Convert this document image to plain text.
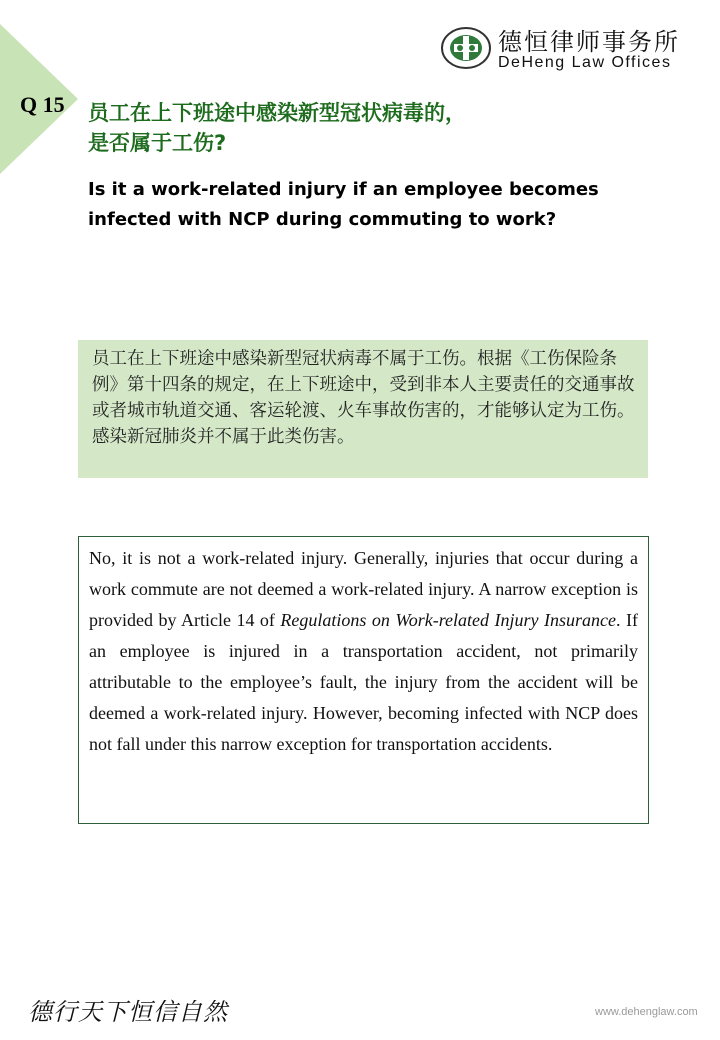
Q 15
德恒律师事务所
DeHeng Law Offices
员工在上下班途中感染新型冠状病毒的，
是否属于工伤?
Is it a work-related injury if an employee becomes
infected with NCP during commuting to work?
员工在上下班途中感染新型冠状病毒不属于工伤。根据《工伤保险条例》第十四条的规定，在上下班途中，受到非本人主要责任的交通事故或者城市轨道交通、客运轮渡、火车事故伤害的，才能够认定为工伤。感染新冠肺炎并不属于此类伤害。
No, it is not a work-related injury. Generally, injuries that occur during a work commute are not deemed a work-related injury. A narrow exception is provided by Article 14 of Regulations on Work-related Injury Insurance. If an employee is injured in a transportation accident, not primarily attributable to the employee’s fault, the injury from the accident will be deemed a work-related injury. However, becoming infected with NCP does not fall under this narrow exception for transportation accidents.
德行天下恒信自然	www.dehenglaw.com
